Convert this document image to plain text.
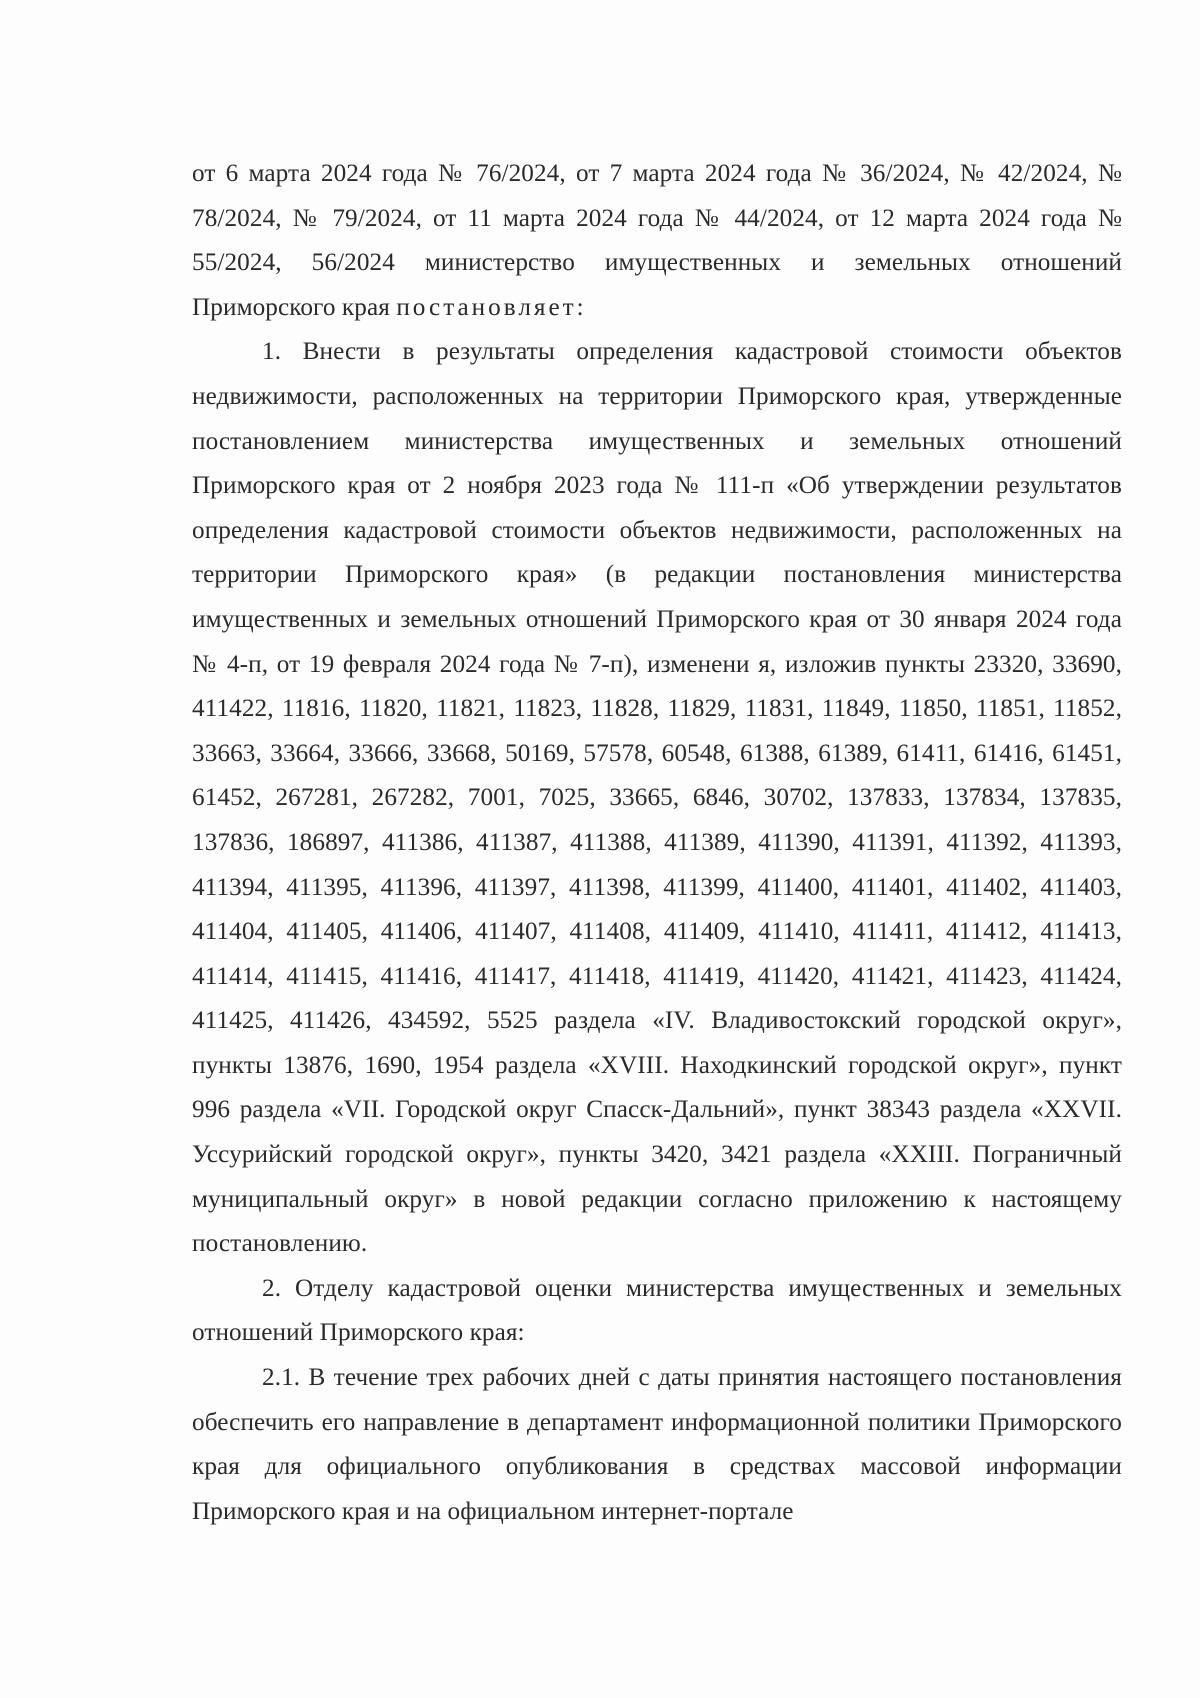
от 6 марта 2024 года № 76/2024, от 7 марта 2024 года № 36/2024, № 42/2024, № 78/2024, № 79/2024, от 11 марта 2024 года № 44/2024, от 12 марта 2024 года № 55/2024, 56/2024 министерство имущественных и земельных отношений Приморского края постановляет:

1. Внести в результаты определения кадастровой стоимости объектов недвижимости, расположенных на территории Приморского края, утвержденные постановлением министерства имущественных и земельных отношений Приморского края от 2 ноября 2023 года № 111-п «Об утверждении результатов определения кадастровой стоимости объектов недвижимости, расположенных на территории Приморского края» (в редакции постановления министерства имущественных и земельных отношений Приморского края от 30 января 2024 года № 4-п, от 19 февраля 2024 года № 7-п), изменени я, изложив пункты 23320, 33690, 411422, 11816, 11820, 11821, 11823, 11828, 11829, 11831, 11849, 11850, 11851, 11852, 33663, 33664, 33666, 33668, 50169, 57578, 60548, 61388, 61389, 61411, 61416, 61451, 61452, 267281, 267282, 7001, 7025, 33665, 6846, 30702, 137833, 137834, 137835, 137836, 186897, 411386, 411387, 411388, 411389, 411390, 411391, 411392, 411393, 411394, 411395, 411396, 411397, 411398, 411399, 411400, 411401, 411402, 411403, 411404, 411405, 411406, 411407, 411408, 411409, 411410, 411411, 411412, 411413, 411414, 411415, 411416, 411417, 411418, 411419, 411420, 411421, 411423, 411424, 411425, 411426, 434592, 5525 раздела «IV. Владивостокский городской округ», пункты 13876, 1690, 1954 раздела «XVIII. Находкинский городской округ», пункт 996 раздела «VII. Городской округ Спасск-Дальний», пункт 38343 раздела «XXVII. Уссурийский городской округ», пункты 3420, 3421 раздела «XXIII. Пограничный муниципальный округ» в новой редакции согласно приложению к настоящему постановлению.

2. Отделу кадастровой оценки министерства имущественных и земельных отношений Приморского края:

2.1. В течение трех рабочих дней с даты принятия настоящего постановления обеспечить его направление в департамент информационной политики Приморского края для официального опубликования в средствах массовой информации Приморского края и на официальном интернет-портале
